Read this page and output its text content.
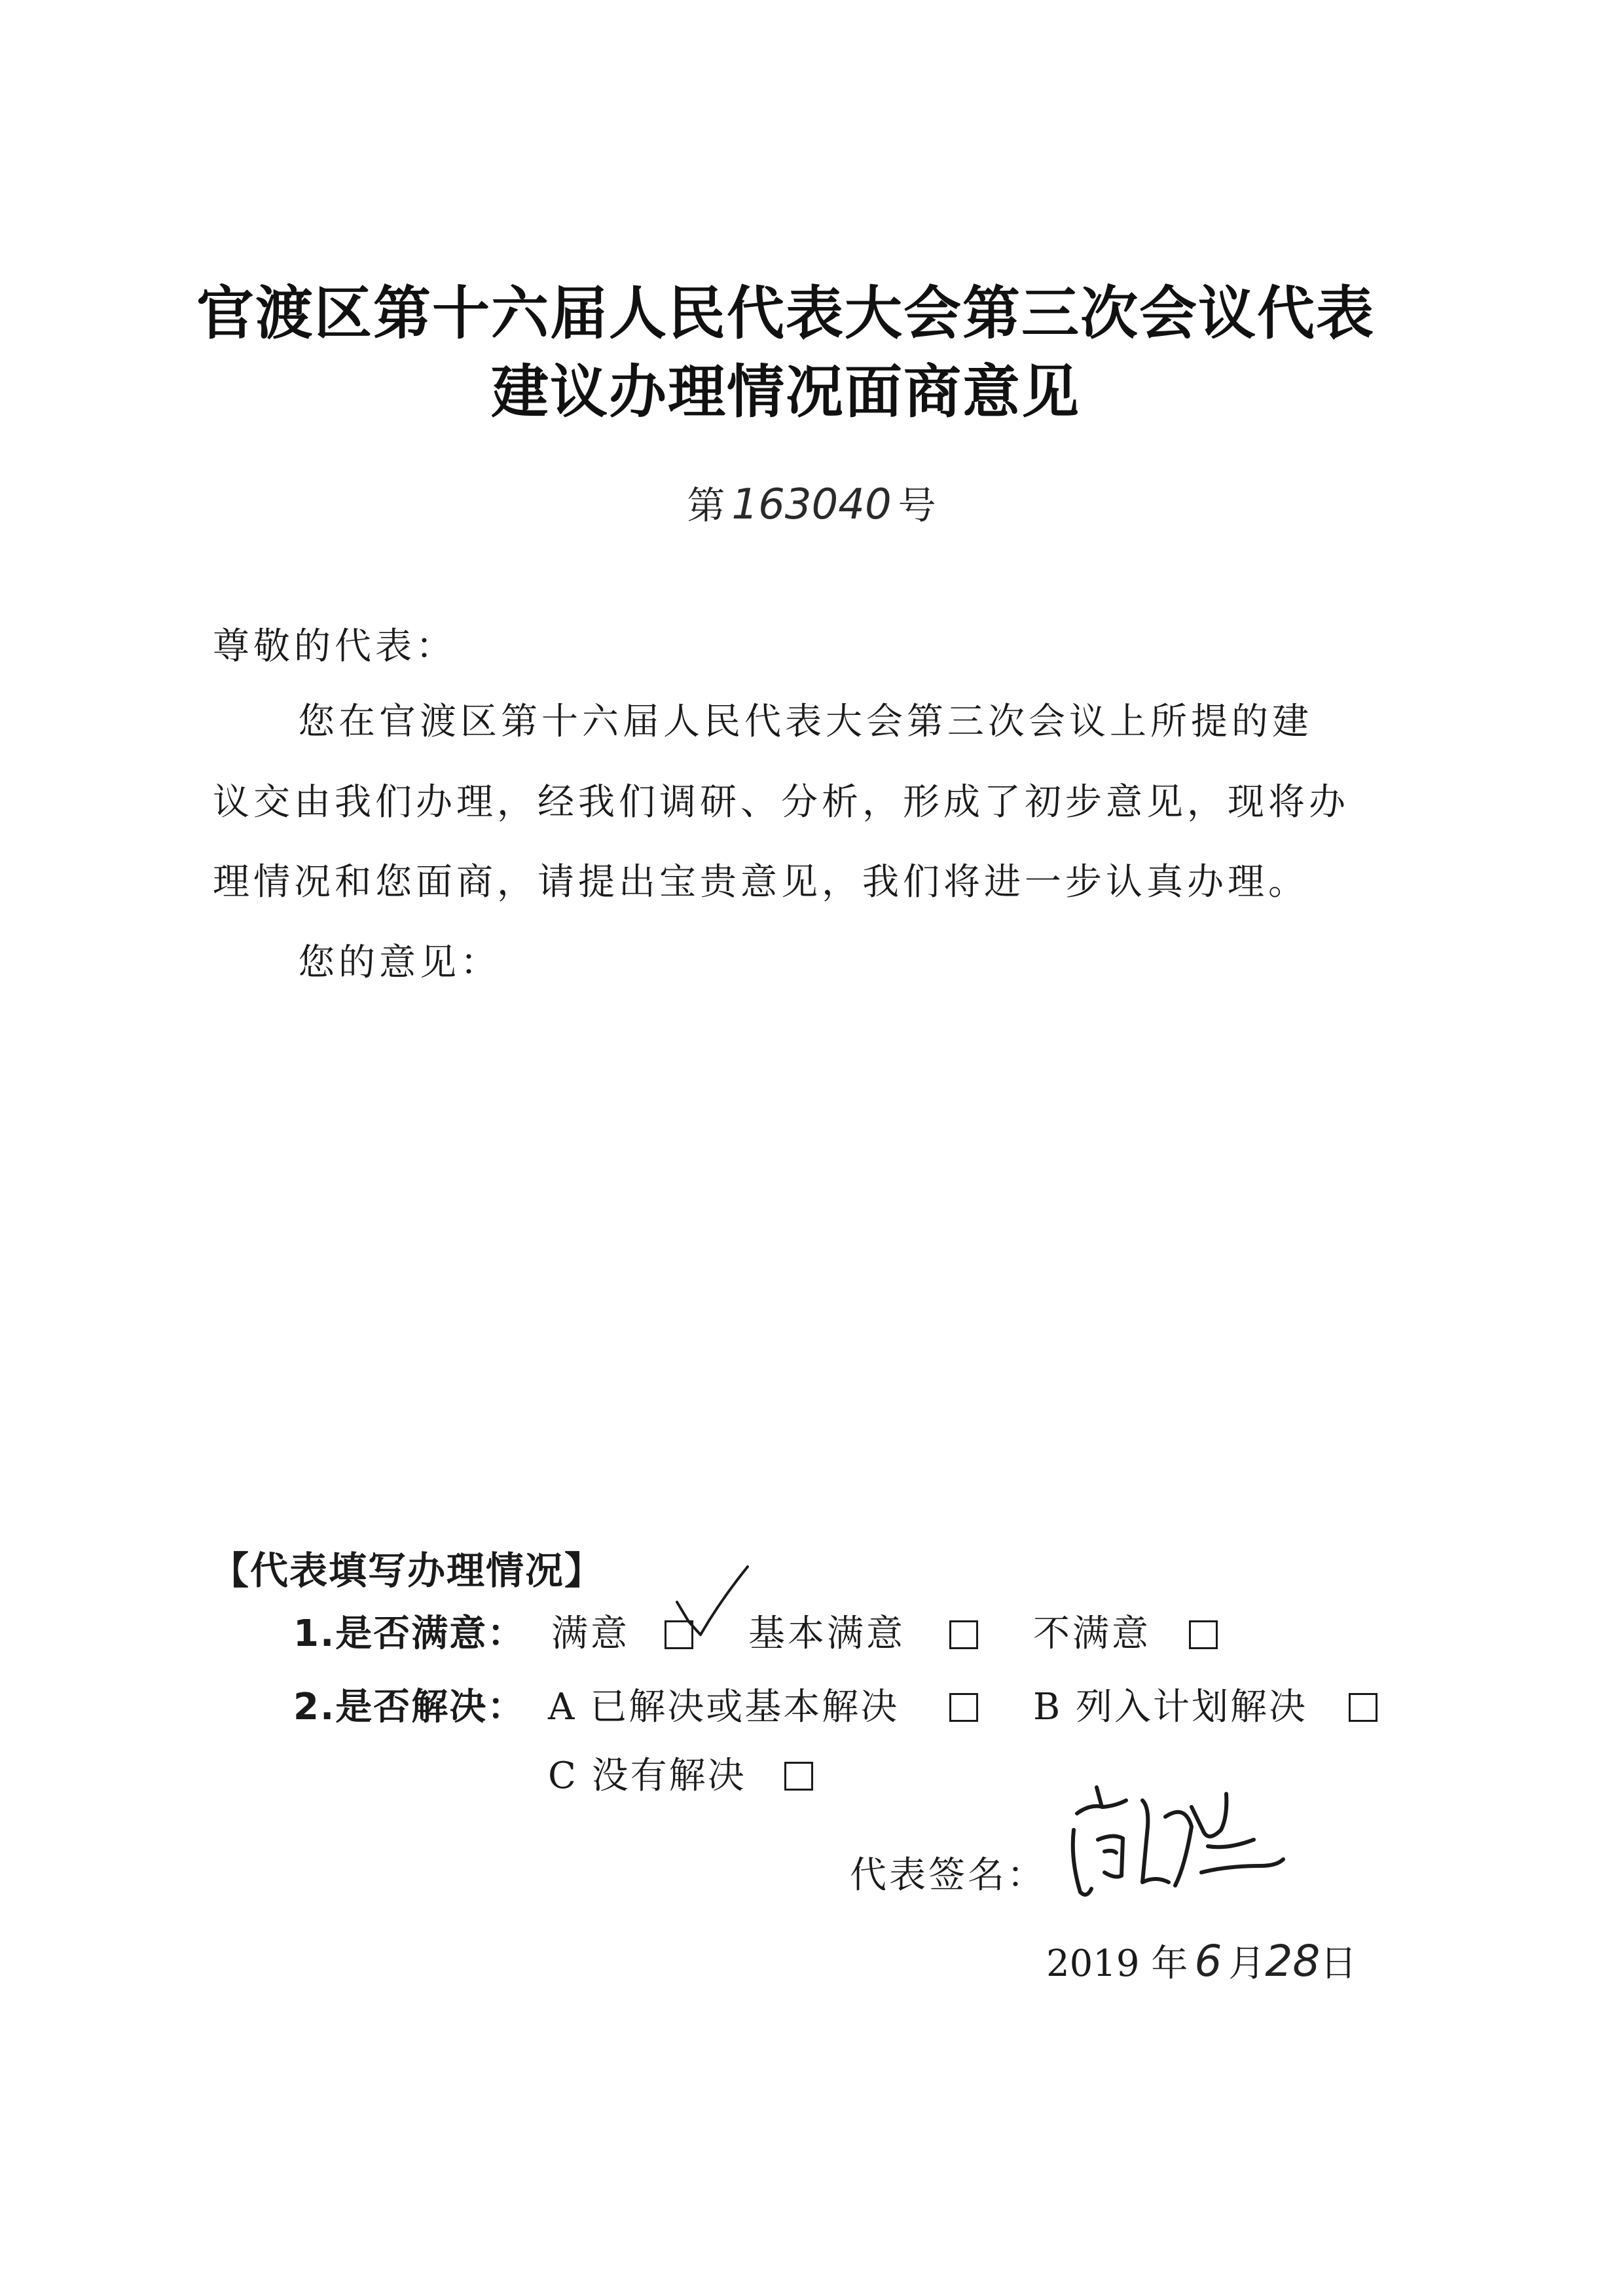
官渡区第十六届人民代表大会第三次会议代表
建议办理情况面商意见
第 163040 号
尊敬的代表：
您在官渡区第十六届人民代表大会第三次会议上所提的建
议交由我们办理，经我们调研、分析，形成了初步意见，现将办
理情况和您面商，请提出宝贵意见，我们将进一步认真办理。
您的意见：
【代表填写办理情况】
1.是否满意： 满意	基本满意	不满意
2.是否解决： A 已解决或基本解决	B 列入计划解决
C 没有解决
代表签名：
2019 年 6 月28日
